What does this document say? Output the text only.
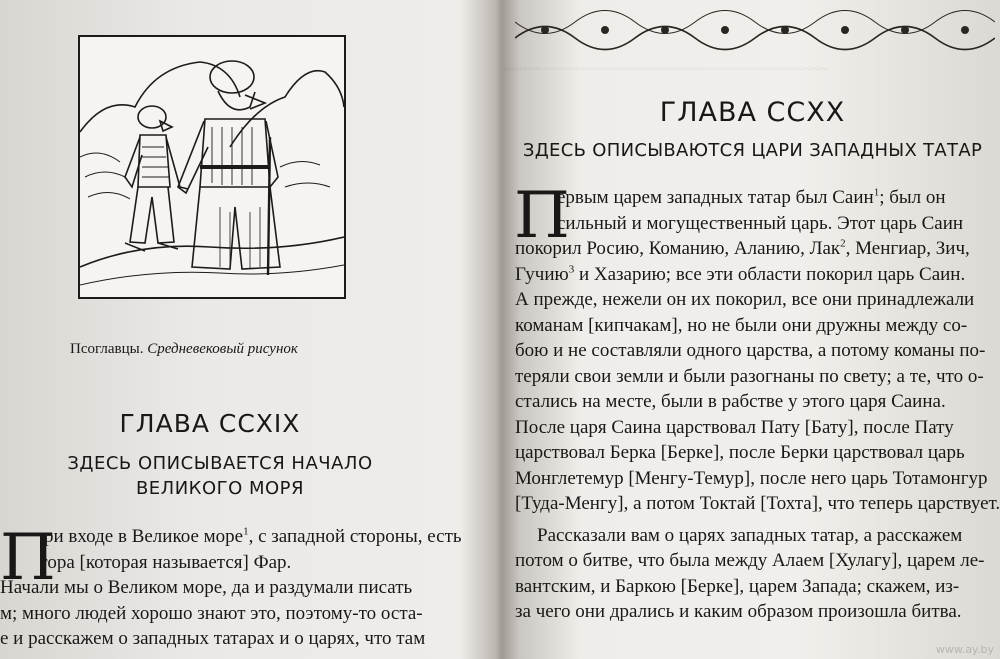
Псоглавцы. Средневековый рисунок
ГЛАВА CCXIX
ЗДЕСЬ ОПИСЫВАЕТСЯ НАЧАЛО
ВЕЛИКОГО МОРЯ
П
ри входе в Великое море$^1$, с западной стороны, есть
гора [которая называется] Фар.
Начали мы о Великом море, да и раздумали писать
м; много людей хорошо знают это, поэтому-то оста-
е и расскажем о западных татарах и о царях, что там
~~~~~~~~~~~~~~~~~~~~~~~~~~~~~~~~~~~~~~~~
ГЛАВА CCXX
ЗДЕСЬ ОПИСЫВАЮТСЯ ЦАРИ ЗАПАДНЫХ ТАТАР
П
ервым царем западных татар был Саин$^1$; был он
сильный и могущественный царь. Этот царь Саин
покорил Росию, Команию, Аланию, Лак$^2$, Менгиар, Зич,
Гучию$^3$ и Хазарию; все эти области покорил царь Саин.
А прежде, нежели он их покорил, все они принадлежали
команам [кипчакам], но не были они дружны между со-
бою и не составляли одного царства, а потому команы по-
теряли свои земли и были разогнаны по свету; а те, что о-
стались на месте, были в рабстве у этого царя Саина.
После царя Саина царствовал Пату [Бату], после Пату
царствовал Берка [Берке], после Берки царствовал царь
Монглетемур [Менгу-Темур], после него царь Тотамонгур
[Туда-Менгу], а потом Токтай [Тохта], что теперь царствует.
Рассказали вам о царях западных татар, а расскажем
потом о битве, что была между Алаем [Хулагу], царем ле-
вантским, и Баркою [Берке], царем Запада; скажем, из-
за чего они дрались и каким образом произошла битва.
www.ay.by
